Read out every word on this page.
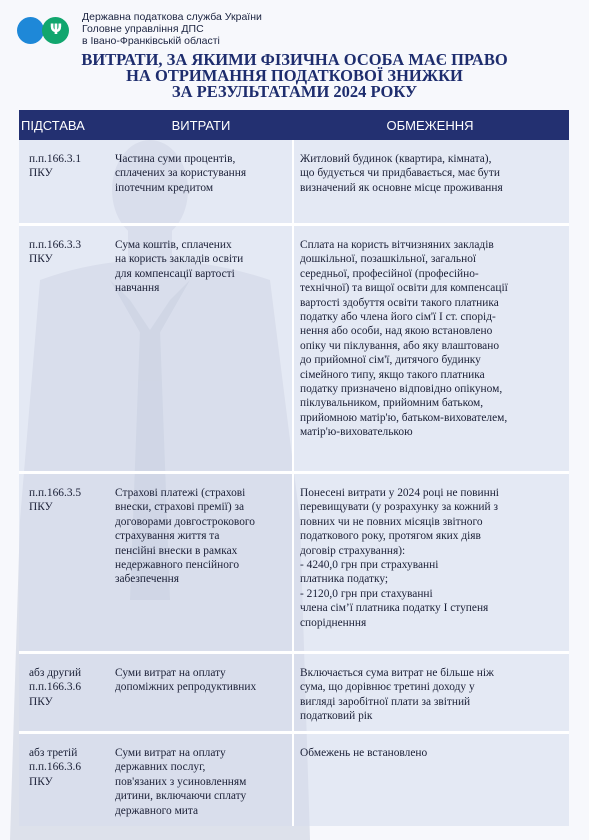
Ψ
Державна податкова служба України
Головне управління ДПС
в Івано-Франківській області
ВИТРАТИ, ЗА ЯКИМИ ФІЗИЧНА ОСОБА МАЄ ПРАВО
НА ОТРИМАННЯ ПОДАТКОВОЇ ЗНИЖКИ
ЗА РЕЗУЛЬТАТАМИ 2024 РОКУ
ПІДСТАВА	ВИТРАТИ	ОБМЕЖЕННЯ
п.п.166.3.1
ПКУ
Частина суми процентів,
сплачених за користування
іпотечним кредитом
Житловий будинок (квартира, кімната),
що будується чи придбавається, має бути
визначений як основне місце проживання
п.п.166.3.3
ПКУ
Сума коштів, сплачених
на користь закладів освіти
для компенсації вартості
навчання
Сплата на користь вітчизняних закладів
дошкільної, позашкільної, загальної
середньої, професійної (професійно-
технічної) та вищої освіти для компенсації
вартості здобуття освіти такого платника
податку або члена його сім'ї І ст. спорід-
нення або особи, над якою встановлено
опіку чи піклування, або яку влаштовано
до прийомної сім'ї, дитячого будинку
сімейного типу, якщо такого платника
податку призначено відповідно опікуном,
піклувальником, прийомним батьком,
прийомною матір'ю, батьком-вихователем,
матір'ю-вихователькою
п.п.166.3.5
ПКУ
Страхові платежі (страхові
внески, страхові премії) за
договорами довгострокового
страхування життя та
пенсійні внески в рамках
недержавного пенсійного
забезпечення
Понесені витрати у 2024 році не повинні
перевищувати (у розрахунку за кожний з
повних чи не повних місяців звітного
податкового року, протягом яких діяв
договір страхування):
- 4240,0 грн при страхуванні
платника податку;
- 2120,0 грн при стахуванні
члена сім’ї платника податку І ступеня
спорідненння
абз другий
п.п.166.3.6
ПКУ
Суми витрат на оплату
допоміжних репродуктивних
Включається сума витрат не більше ніж
сума, що дорівнює третині доходу у
вигляді заробітної плати за звітний
податковий рік
абз третій
п.п.166.3.6
ПКУ
Суми витрат на оплату
державних послуг,
пов'язаних з усиновленням
дитини, включаючи сплату
державного мита
Обмежень не встановлено
